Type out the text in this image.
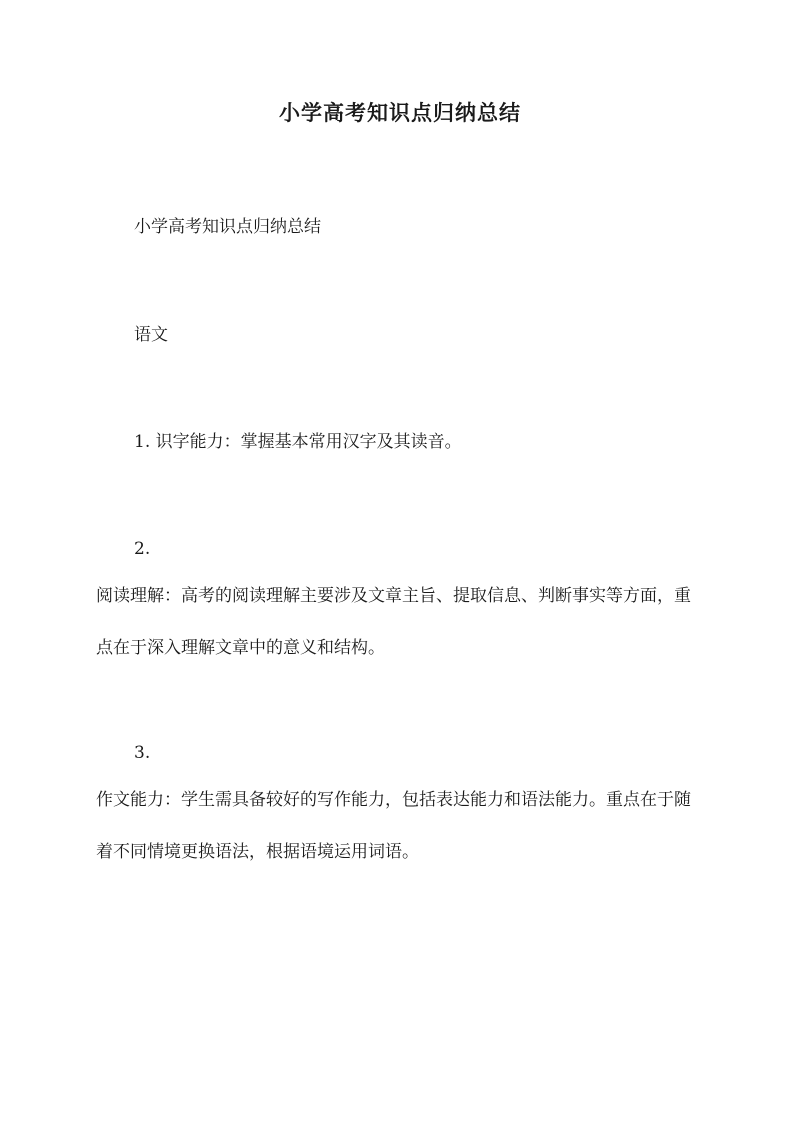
小学高考知识点归纳总结

小学高考知识点归纳总结

语文

1. 识字能力：掌握基本常用汉字及其读音。

2.

阅读理解：高考的阅读理解主要涉及文章主旨、提取信息、判断事实等方面，重点在于深入理解文章中的意义和结构。

3.

作文能力：学生需具备较好的写作能力，包括表达能力和语法能力。重点在于随着不同情境更换语法，根据语境运用词语。
